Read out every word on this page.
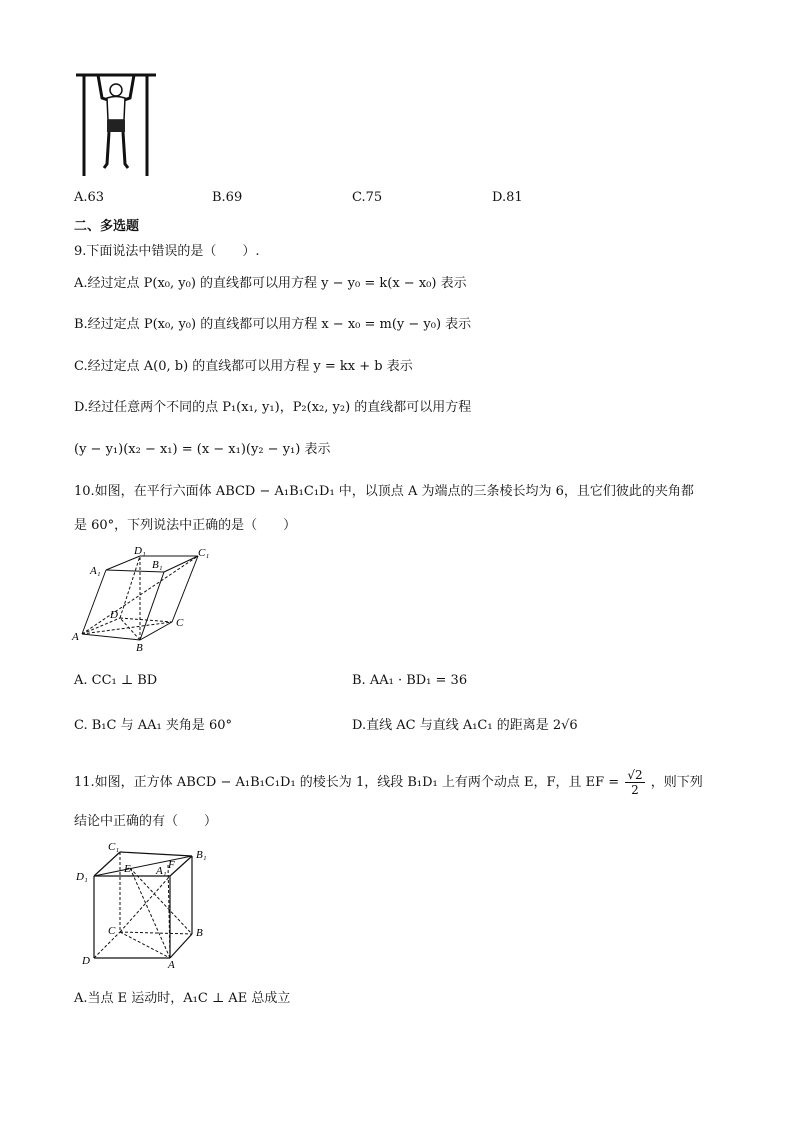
A.63	B.69	C.75	D.81
二、多选题
9.下面说法中错误的是（　　）.
A.经过定点 P(x₀, y₀) 的直线都可以用方程 y − y₀ = k(x − x₀) 表示
B.经过定点 P(x₀, y₀) 的直线都可以用方程 x − x₀ = m(y − y₀) 表示
C.经过定点 A(0, b) 的直线都可以用方程 y = kx + b 表示
D.经过任意两个不同的点 P₁(x₁, y₁)，P₂(x₂, y₂) 的直线都可以用方程
(y − y₁)(x₂ − x₁) = (x − x₁)(y₂ − y₁) 表示
10.如图，在平行六面体 ABCD − A₁B₁C₁D₁ 中，以顶点 A 为端点的三条棱长均为 6，且它们彼此的夹角都
是 60°，下列说法中正确的是（　　）
A
B
C
D
A₁	B₁
C₁
D₁
A. CC₁ ⊥ BD	B. AA₁ · BD₁ = 36
C. B₁C 与 AA₁ 夹角是 60°	D.直线 AC 与直线 A₁C₁ 的距离是 2√6
11.如图，正方体 ABCD − A₁B₁C₁D₁ 的棱长为 1，线段 B₁D₁ 上有两个动点 E，F，且 EF = $\frac{√2}{2}$ ，则下列
结论中正确的有（　　）
C₁
B₁
D₁	A₁
E	F
C	B
D	A
A.当点 E 运动时，A₁C ⊥ AE 总成立
